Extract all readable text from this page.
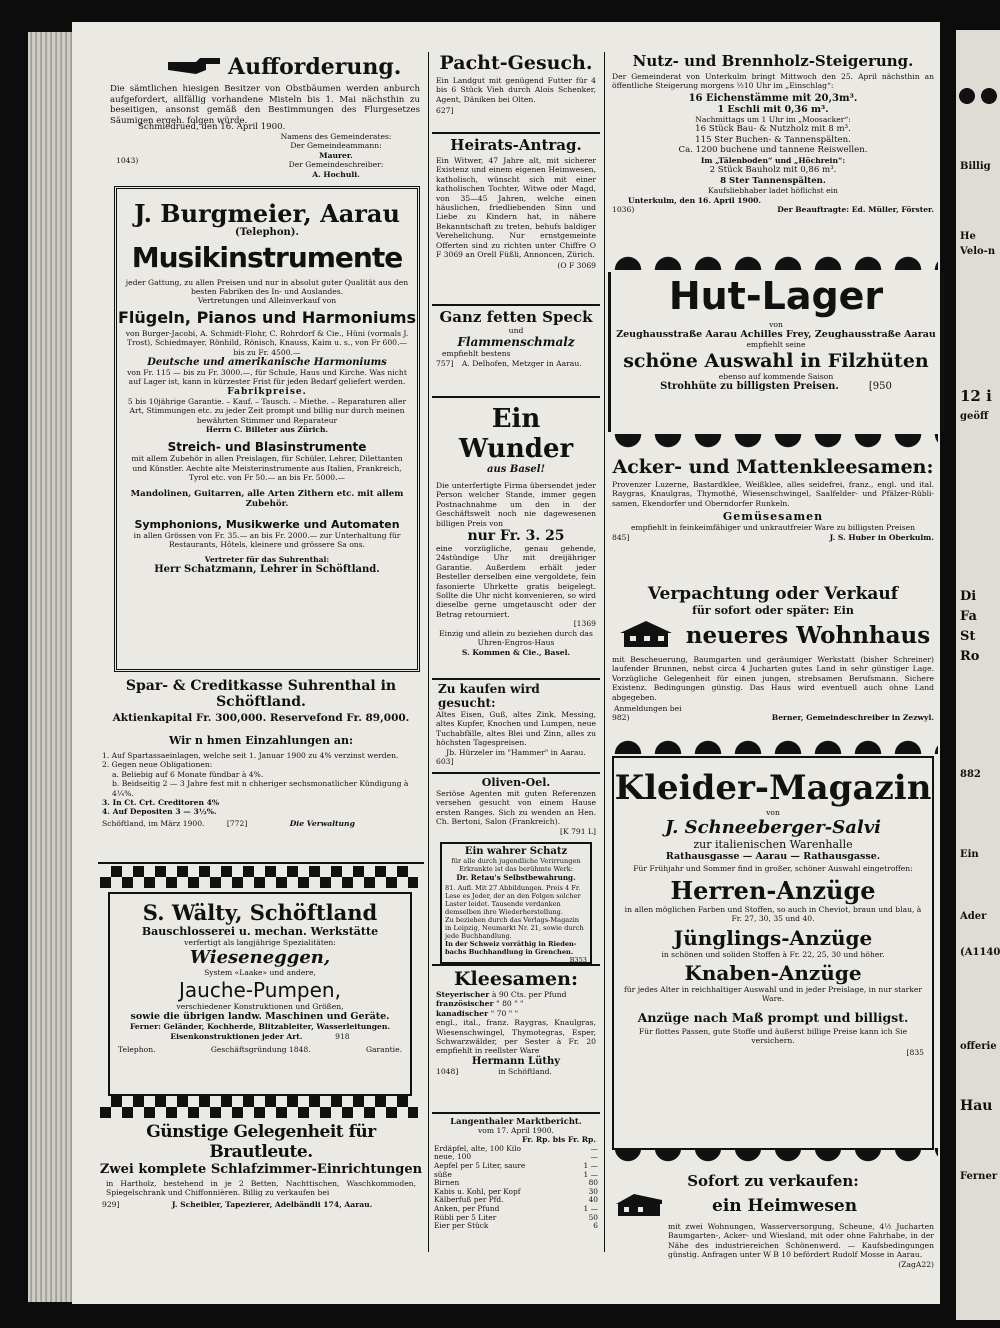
Aufforderung.
Die sämtlichen hiesigen Besitzer von Obstbäumen werden anburch aufgefordert, allfällig vorhandene Misteln bis 1. Mai nächsthin zu beseitigen, ansonst gemäß den Bestimmungen des Flurgesetzes Säumigen ergeh. folgen würde.
Schmiedrued, den 16. April 1900.
Namens des Gemeinderates:
Der Gemeindeammann:
Maurer.
Der Gemeindeschreiber:
A. Hochuli.
1043)
J. Burgmeier, Aarau
(Telephon).
Musikinstrumente
jeder Gattung, zu allen Preisen und nur in absolut guter Qualität aus den besten Fabriken des In- und Auslandes.
Vertretungen und Alleinverkauf von
Flügeln, Pianos und Harmoniums
von Burger-Jacobi, A. Schmidt-Flohr, C. Rohrdorf & Cie., Hüni (vormals J. Trost), Schiedmayer, Rönhild, Rönisch, Knauss, Kaim u. s., von Fr 600.— bis zu Fr. 4500.—
Deutsche und amerikanische Harmoniums
von Fr. 115 — bis zu Fr. 3000.—, für Schule, Haus und Kirche. Was nicht auf Lager ist, kann in kürzester Frist für jeden Bedarf geliefert werden.
Fabrikpreise.
5 bis 10jährige Garantie. – Kauf. – Tausch. – Miethe. – Reparaturen aller Art, Stimmungen etc. zu jeder Zeit prompt und billig nur durch meinen bewährten Stimmer und Reparateur
Herrn C. Billeter aus Zürich.
Streich- und Blasinstrumente
mit allem Zubehör in allen Preislagen, für Schüler, Lehrer, Dilettanten und Künstler. Aechte alte Meisterinstrumente aus Italien, Frankreich, Tyrol etc. von Fr 50.— an bis Fr. 5000.—
Mandolinen, Guitarren, alle Arten Zithern etc. mit allem Zubehör.
Symphonions, Musikwerke und Automaten
in allen Grössen von Fr. 35.— an bis Fr. 2000.— zur Unterhaltung für Restaurants, Hôtels, kleinere und grössere Sa ons.
Vertreter für das Suhrenthal:
Herr Schatzmann, Lehrer in Schöftland.
Spar- & Creditkasse Suhrenthal in Schöftland.
Aktienkapital Fr. 300,000. Reservefond Fr. 89,000.
Wir n hmen Einzahlungen an:
1. Auf Spartassaeinlagen, welche seit 1. Januar 1900 zu 4% verzinst werden.
2. Gegen neue Obligationen:
a. Beliebig auf 6 Monate fündbar à 4%.
b. Beidseitig 2 — 3 Jahre fest mit n chheriger sechsmonatlicher Kündigung à 4¼%.
3. In Ct. Crt. Creditoren 4%
4. Auf Depositen 3 — 3½%.
Schöftland, im März 1900.	[772]	Die Verwaltung
S. Wälty, Schöftland
Bauschlosserei u. mechan. Werkstätte
verfertigt als langjährige Spezialitäten:
Wieseneggen,
System «Laake» und andere,
Jauche-Pumpen,
verschiedener Konstruktionen und Größen,
sowie die übrigen landw. Maschinen und Geräte.
Ferner: Geländer, Kochherde, Blitzableiter, Wasserleitungen.
Eisenkonstruktionen jeder Art.	918
Telephon.	Geschäftsgründung 1848.	Garantie.
Günstige Gelegenheit für Brautleute.
Zwei komplete Schlafzimmer-Einrichtungen
in Hartholz, bestehend in je 2 Betten, Nachttischen, Waschkommoden, Spiegelschrank und Chiffonnièren. Billig zu verkaufen bei
929]	J. Scheibler, Tapezierer, Adelbändli 174, Aarau.
Pacht-Gesuch.
Ein Landgut mit genügend Futter für 4 bis 6 Stück Vieh durch Alois Schenker, Agent, Däniken bei Olten.
627]
Heirats-Antrag.
Ein Witwer, 47 Jahre alt, mit sicherer Existenz und einem eigenen Heimwesen, katholisch, wünscht sich mit einer katholischen Tochter, Witwe oder Magd, von 35—45 Jahren, welche einen häuslichen, friedliebenden Sinn und Liebe zu Kindern hat, in nähere Bekanntschaft zu treten, behufs baldiger Verehelichung. Nur ernstgemeinte Offerten sind zu richten unter Chiffre O F 3069 an Orell Füßli, Annoncen, Zürich.
(O F 3069
Ganz fetten Speck
und
Flammenschmalz
empfiehlt bestens
757] A. Delhofen, Metzger in Aarau.
Ein Wunder
aus Basel!
Die unterfertigte Firma übersendet jeder Person welcher Stande, immer gegen Postnachnahme um den in der Geschäftswelt noch nie dagewesenen billigen Preis von
nur Fr. 3. 25
eine vorzügliche, genau gehende, 24stündige Uhr mit dreijähriger Garantie. Außerdem erhält jeder Besteller derselben eine vergoldete, fein fasonierte Uhrkette gratis beigelegt. Sollte die Uhr nicht konvenieren, so wird dieselbe gerne umgetauscht oder der Betrag retourniert.
[1369
Einzig und allein zu beziehen durch das Uhren-Engros-Haus
S. Kommen & Cie., Basel.
Zu kaufen wird gesucht:
Altes Eisen, Guß, altes Zink, Messing, altes Kupfer, Knochen und Lumpen, neue Tuchabfälle, altes Blei und Zinn, alles zu höchsten Tagespreisen.
Jb. Hürzeler im "Hammer" in Aarau.
603]
Oliven-Oel.
Seriöse Agenten mit guten Referenzen versehen gesucht von einem Hause ersten Ranges. Sich zu wenden an Hen. Ch. Bertoni, Salon (Frankreich).
[K 791 L]
Ein wahrer Schatz
für alle durch jugendliche Verirrungen Erkrankte ist das berühmte Werk:
Dr. Retau's Selbstbewahrung.
81. Aufl. Mit 27 Abbildungen. Preis 4 Fr.
Lese es Jeder, der an den Folgen solcher Laster leidet. Tausende verdanken demselben ihre Wiederherstellung.
Zu beziehen durch das Verlags-Magazin in Leipzig, Neumarkt Nr. 21, sowie durch jede Buchhandlung.
In der Schweiz vorräthig in Rieden-bachs Buchhandlung in Grenchen.
B353
Kleesamen:
Steyerischer à 90 Cts. per Pfund
französischer " 80 " "
kanadischer " 70 " "
engl., ital., franz. Raygras, Knaulgras, Wiesenschwingel, Thymotegras, Esper, Schwarzwälder, per Sester à Fr. 20 empfiehlt in reellster Ware
Hermann Lüthy
1048]	in Schöftland.
Langenthaler Marktbericht.
vom 17. April 1900.
Fr. Rp. bis Fr. Rp.
Erdäpfel, alte, 100 Kilo	—
neue, 100	—
Aepfel per 5 Liter, saure	1 —
süße	1 —
Birnen	80
Kabis u. Kohl, per Kopf	30
Kälberfuß per Pfd.	40
Anken, per Pfund	1 —
Rübli per 5 Liter	50
Eier per Stück	6
Nutz- und Brennholz-Steigerung.
Der Gemeinderat von Unterkulm bringt Mittwoch den 25. April nächsthin an öffentliche Steigerung morgens ½10 Uhr im „Einschlag“:
16 Eichenstämme mit 20,3m³.
1 Eschli mit 0,36 m³.
Nachmittags um 1 Uhr im „Moosacker“:
16 Stück Bau- & Nutzholz mit 8 m³.
115 Ster Buchen- & Tannenspälten.
Ca. 1200 buchene und tannene Reiswellen.
Im „Tälenboden“ und „Höchrein“:
2 Stück Bauholz mit 0,86 m³.
8 Ster Tannenspälten.
Kaufsliebhaber ladet höflichst ein
Unterkulm, den 16. April 1900.
1036)	Der Beauftragte: Ed. Müller, Förster.
Hut-Lager
von
Zeughausstraße Aarau Achilles Frey, Zeughausstraße Aarau
empfiehlt seine
schöne Auswahl in Filzhüten
ebenso auf kommende Saison
Strohhüte zu billigsten Preisen.	[950
Acker- und Mattenkleesamen:
Provenzer Luzerne, Bastardklee, Weißklee, alles seidefrei, franz., engl. und ital. Raygras, Knaulgras, Thymothé, Wiesenschwingel, Saalfelder- und Pfälzer-Rübli-samen, Ekendorfer und Oberndorfer Runkeln.
Gemüsesamen
empfiehlt in feinkeimfähiger und unkrautfreier Ware zu billigsten Preisen
845]	J. S. Huber in Oberkulm.
Verpachtung oder Verkauf
für sofort oder später: Ein
neueres Wohnhaus
mit Bescheuerung, Baumgarten und geräumiger Werkstatt (bisher Schreiner) laufender Brunnen, nebst circa 4 Jucharten gutes Land in sehr günstiger Lage. Vorzügliche Gelegenheit für einen jungen, strebsamen Berufsmann. Sichere Existenz. Bedingungen günstig. Das Haus wird eventuell auch ohne Land abgegeben.
Anmeldungen bei
982)	Berner, Gemeindeschreiber in Zezwyl.
Kleider-Magazin
von
J. Schneeberger-Salvi
zur italienischen Warenhalle
Rathausgasse — Aarau — Rathausgasse.
Für Frühjahr und Sommer find in großer, schöner Auswahl eingetroffen:
Herren-Anzüge
in allen möglichen Farben und Stoffen, so auch in Cheviot, braun und blau, à Fr. 27, 30, 35 und 40.
Jünglings-Anzüge
in schönen und soliden Stoffen à Fr. 22, 25, 30 und höher.
Knaben-Anzüge
für jedes Alter in reichhaltiger Auswahl und in jeder Preislage, in nur starker Ware.
Anzüge nach Maß prompt und billigst.
Für flottes Passen, gute Stoffe und äußerst billige Preise kann ich Sie versichern.
[835
Sofort zu verkaufen:
ein Heimwesen
mit zwei Wohnungen, Wasserversorgung, Scheune, 4½ Jucharten Baumgarten-, Acker- und Wiesland, mit oder ohne Fahrhabe, in der Nähe des industriereichen Schönenwerd. — Kaufsbedingungen günstig. Anfragen unter W B 10 befördert Rudolf Mosse in Aarau.
(ZagA22)
Billig
He
Velo-n
12 i
geöff
Di
Fa
St
Ro
882
Ein
Ader
(A1140
offerie
Hau
Ferner
